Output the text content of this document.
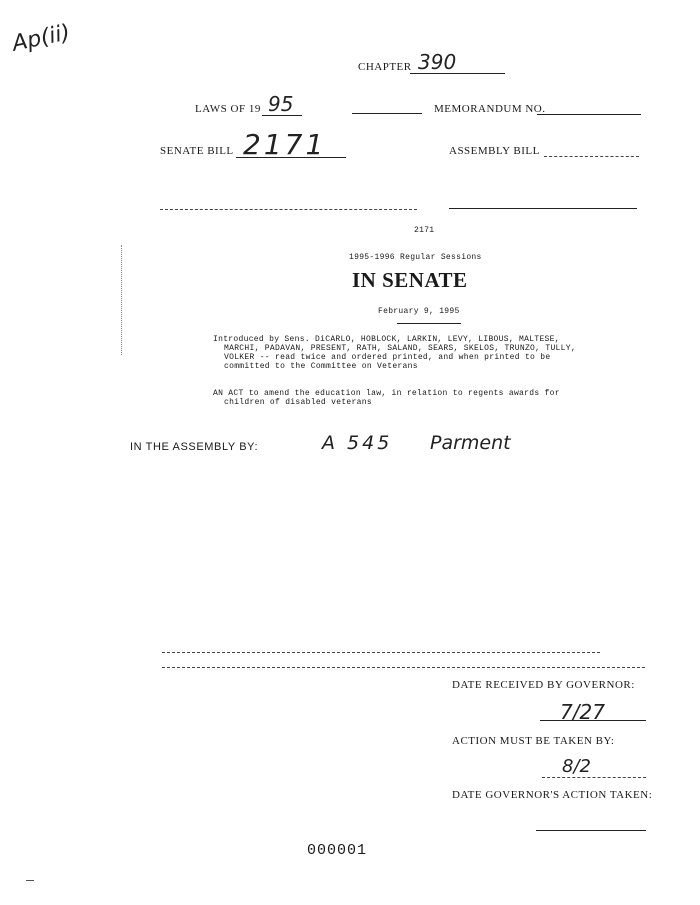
Ap(ii)
CHAPTER 390
LAWS OF 19 95	MEMORANDUM NO.
SENATE BILL 2171	ASSEMBLY BILL
2171
1995-1996 Regular Sessions
IN SENATE
February 9, 1995
Introduced by Sens. DiCARLO, HOBLOCK, LARKIN, LEVY, LIBOUS, MALTESE,
MARCHI, PADAVAN, PRESENT, RATH, SALAND, SEARS, SKELOS, TRUNZO, TULLY,
VOLKER -- read twice and ordered printed, and when printed to be
committed to the Committee on Veterans
AN ACT to amend the education law, in relation to regents awards for
children of disabled veterans
IN THE ASSEMBLY BY:	A 545 Parment
DATE RECEIVED BY GOVERNOR:
7/27
ACTION MUST BE TAKEN BY:
8/2
DATE GOVERNOR'S ACTION TAKEN:
000001
